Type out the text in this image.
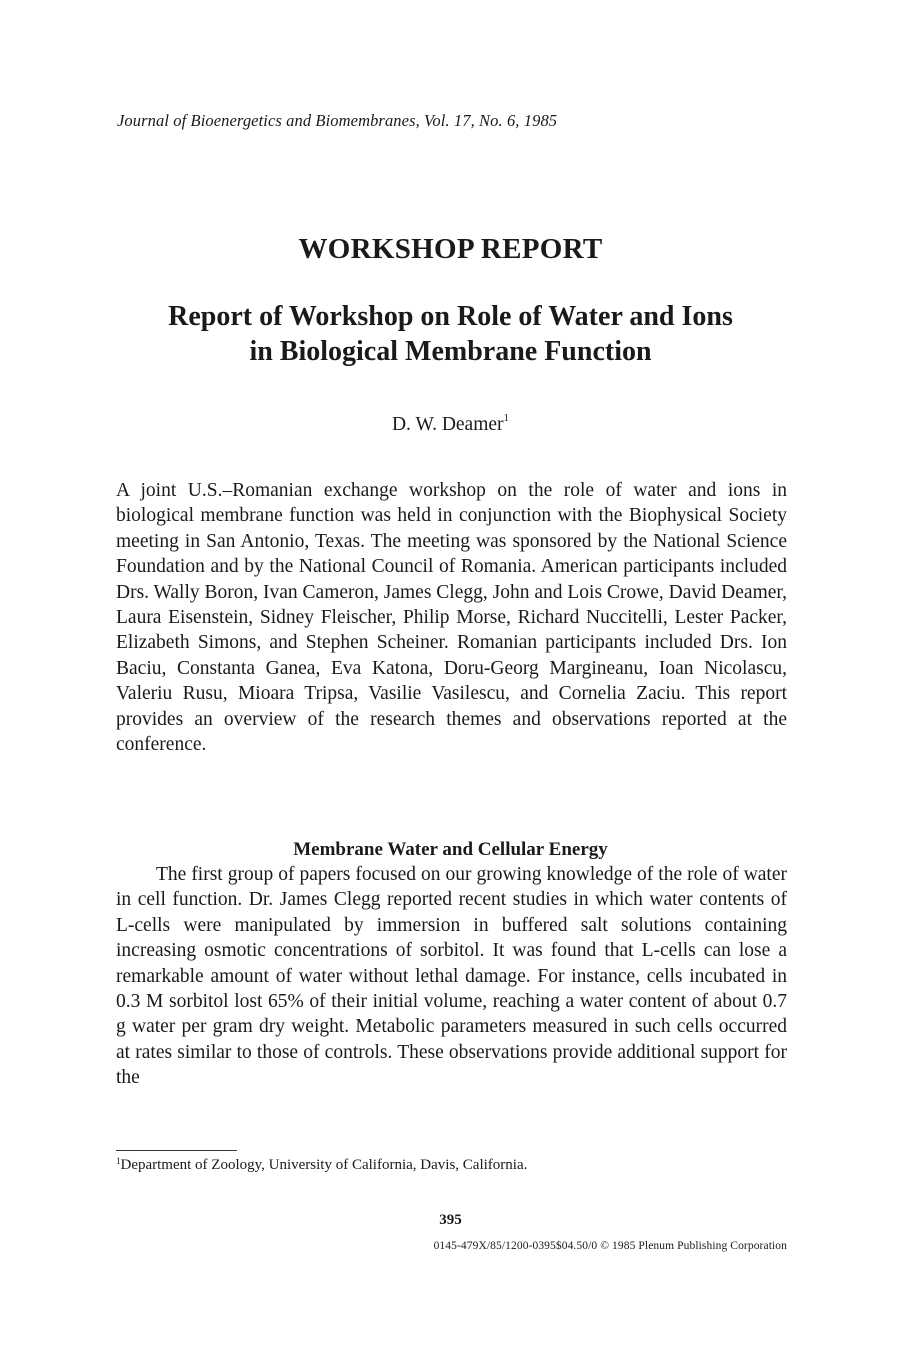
Journal of Bioenergetics and Biomembranes, Vol. 17, No. 6, 1985
WORKSHOP REPORT
Report of Workshop on Role of Water and Ions
in Biological Membrane Function
D. W. Deamer$^1$
A joint U.S.–Romanian exchange workshop on the role of water and ions in biological membrane function was held in conjunction with the Biophysical Society meeting in San Antonio, Texas. The meeting was sponsored by the National Science Foundation and by the National Council of Romania. American participants included Drs. Wally Boron, Ivan Cameron, James Clegg, John and Lois Crowe, David Deamer, Laura Eisenstein, Sidney Fleischer, Philip Morse, Richard Nuccitelli, Lester Packer, Elizabeth Simons, and Stephen Scheiner. Romanian participants included Drs. Ion Baciu, Constanta Ganea, Eva Katona, Doru-Georg Margineanu, Ioan Nicolascu, Valeriu Rusu, Mioara Tripsa, Vasilie Vasilescu, and Cornelia Zaciu. This report provides an overview of the research themes and observations reported at the conference.
Membrane Water and Cellular Energy
The first group of papers focused on our growing knowledge of the role of water in cell function. Dr. James Clegg reported recent studies in which water contents of L-cells were manipulated by immersion in buffered salt solutions containing increasing osmotic concentrations of sorbitol. It was found that L-cells can lose a remarkable amount of water without lethal damage. For instance, cells incubated in 0.3 M sorbitol lost 65% of their initial volume, reaching a water content of about 0.7 g water per gram dry weight. Metabolic parameters measured in such cells occurred at rates similar to those of controls. These observations provide additional support for the
$^1$Department of Zoology, University of California, Davis, California.
395
0145-479X/85/1200-0395$04.50/0 © 1985 Plenum Publishing Corporation
